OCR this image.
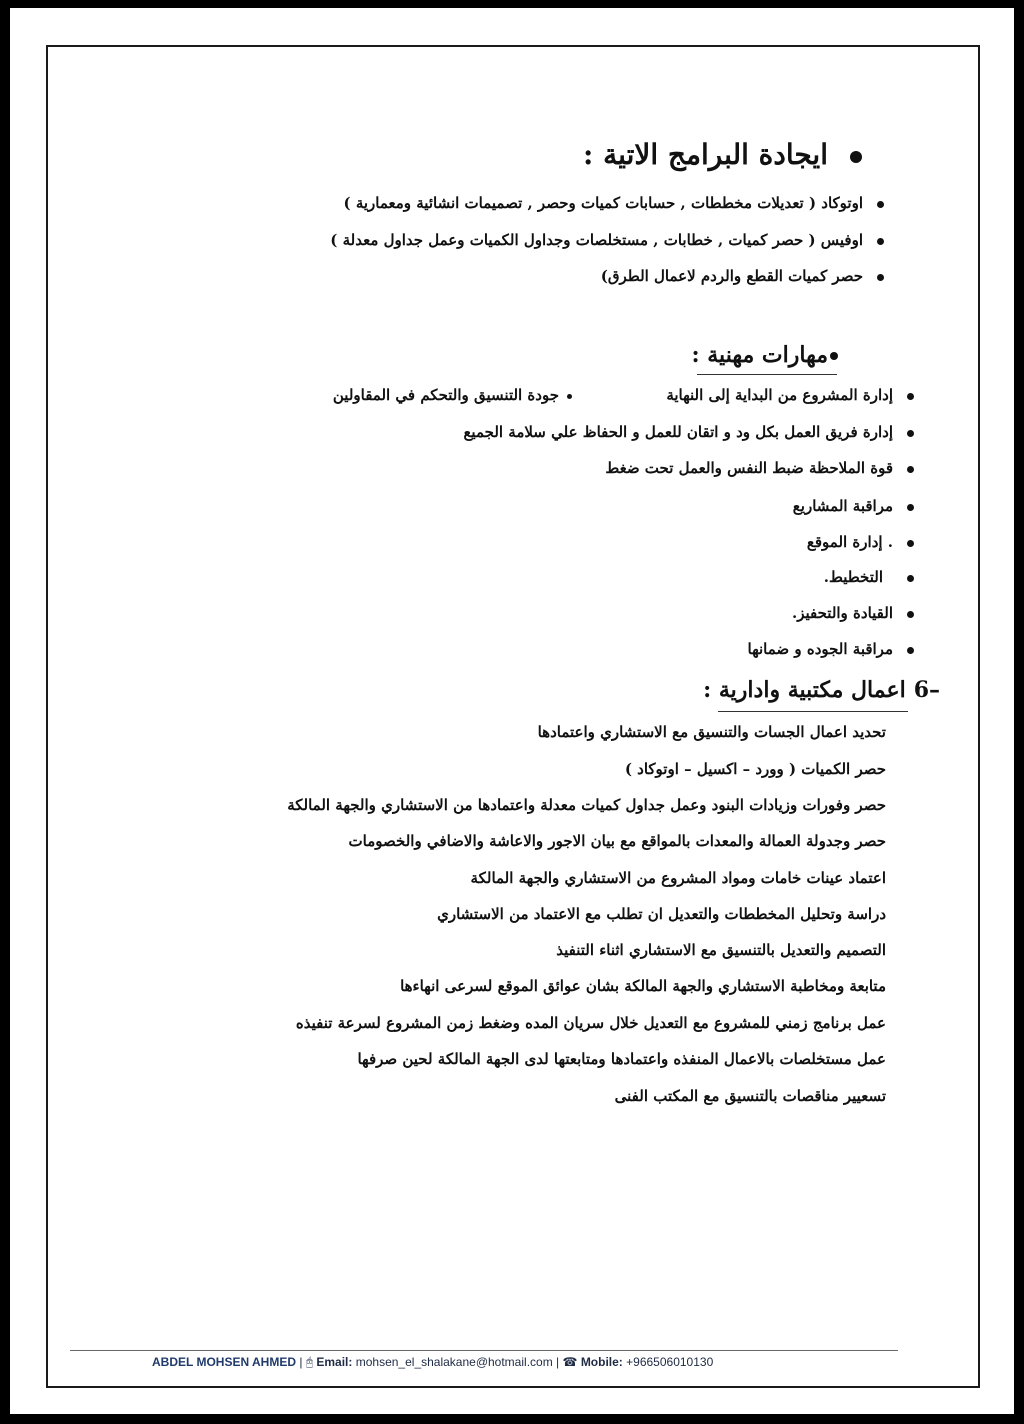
ايجادة البرامج الاتية :
اوتوكاد ( تعديلات مخططات , حسابات كميات وحصر , تصميمات انشائية ومعمارية )
اوفيس ( حصر كميات , خطابات , مستخلصات وجداول الكميات وعمل جداول معدلة )
حصر كميات القطع والردم لاعمال الطرق)
مهارات مهنية :
إدارة المشروع من البداية إلى النهاية
جودة التنسيق والتحكم في المقاولين
إدارة فريق العمل بكل ود و اتقان للعمل و الحفاظ علي سلامة الجميع
قوة الملاحظة ضبط النفس والعمل تحت ضغط
مراقبة المشاريع
. إدارة الموقع
التخطيط.
القيادة والتحفيز.
مراقبة الجوده و ضمانها
6–اعمال مكتبية وادارية :
تحديد اعمال الجسات والتنسيق مع الاستشاري واعتمادها
حصر الكميات ( وورد – اكسيل – اوتوكاد )
حصر وفورات وزيادات البنود وعمل جداول كميات معدلة واعتمادها من الاستشاري والجهة المالكة
حصر وجدولة العمالة والمعدات بالمواقع مع بيان الاجور والاعاشة والاضافي والخصومات
اعتماد عينات خامات ومواد المشروع من الاستشاري والجهة المالكة
دراسة وتحليل المخططات والتعديل ان تطلب مع الاعتماد من الاستشاري
التصميم والتعديل بالتنسيق مع الاستشاري اثناء التنفيذ
متابعة ومخاطبة الاستشاري والجهة المالكة بشان عوائق الموقع لسرعى انهاءها
عمل برنامج زمني للمشروع مع التعديل خلال سريان المده وضغط زمن المشروع لسرعة تنفيذه
عمل مستخلصات بالاعمال المنفذه واعتمادها ومتابعتها لدى الجهة المالكة لحين صرفها
تسعيير مناقصات بالتنسيق مع المكتب الفنى
ABDEL MOHSEN AHMED | 🖰 Email: mohsen_el_shalakane@hotmail.com | ☎ Mobile: +966506010130
